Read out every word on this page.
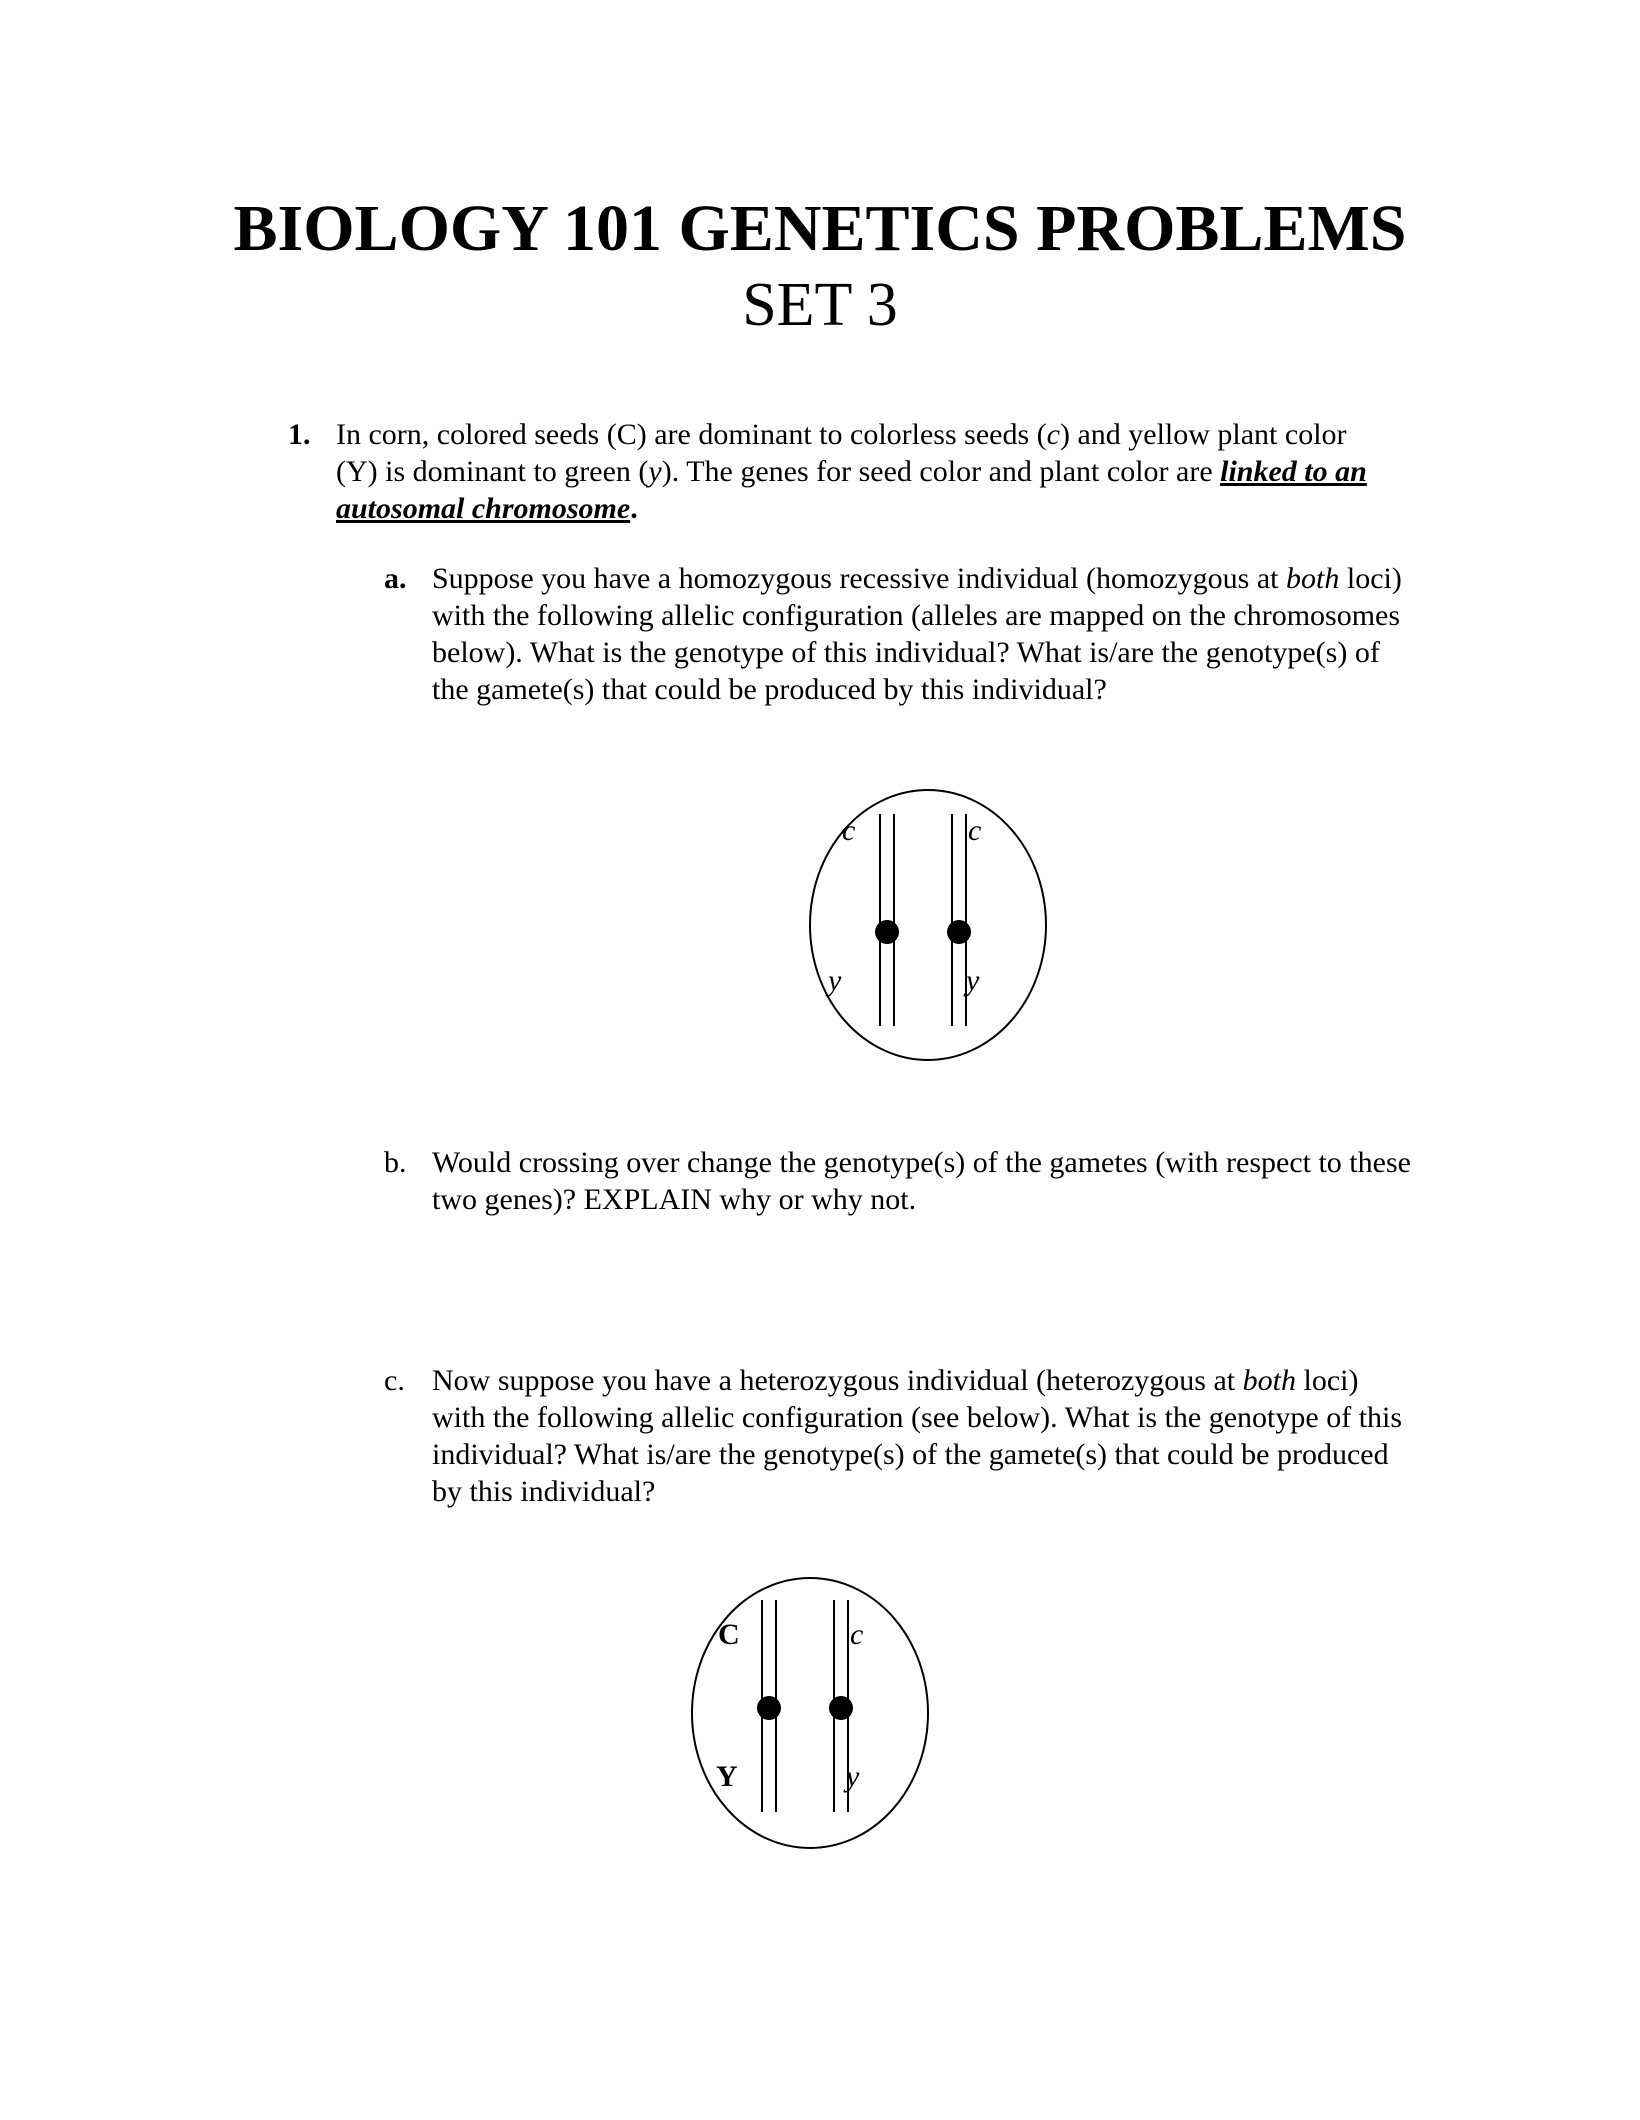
BIOLOGY 101 GENETICS PROBLEMS
SET 3
1. In corn, colored seeds (C) are dominant to colorless seeds (c) and yellow plant color (Y) is dominant to green (y). The genes for seed color and plant color are linked to an autosomal chromosome.
a. Suppose you have a homozygous recessive individual (homozygous at both loci) with the following allelic configuration (alleles are mapped on the chromosomes below). What is the genotype of this individual? What is/are the genotype(s) of the gamete(s) that could be produced by this individual?
c	c
y	y
b. Would crossing over change the genotype(s) of the gametes (with respect to these two genes)? EXPLAIN why or why not.
c. Now suppose you have a heterozygous individual (heterozygous at both loci) with the following allelic configuration (see below). What is the genotype of this individual? What is/are the genotype(s) of the gamete(s) that could be produced by this individual?
C	c
Y	y
